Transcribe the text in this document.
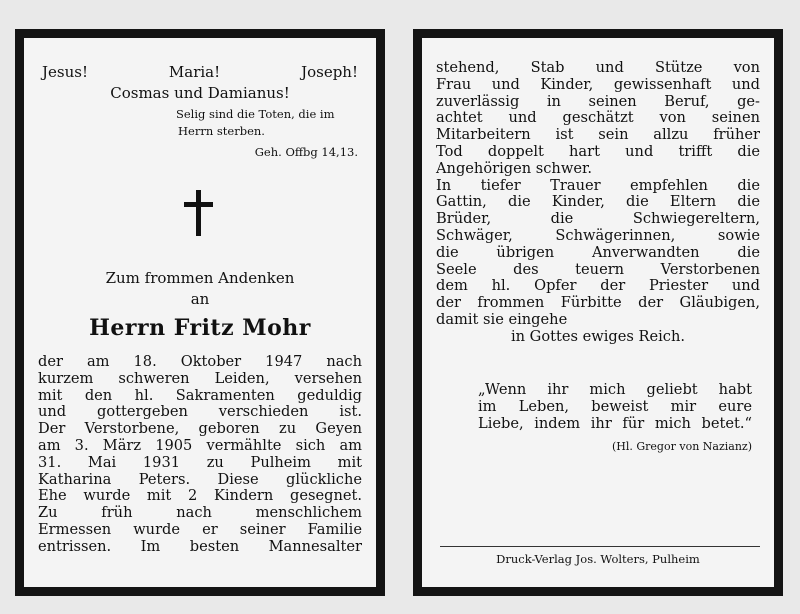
Jesus!	Maria!	Joseph!
Cosmas und Damianus!
Selig sind die Toten, die im
Herrn sterben.
Geh. Offbg 14,13.
Zum frommen Andenken
an
Herrn Fritz Mohr
der am 18. Oktober 1947 nach
kurzem schweren Leiden, versehen
mit den hl. Sakramenten geduldig
und gottergeben verschieden ist.
Der Verstorbene, geboren zu Geyen
am 3. März 1905 vermählte sich am
31. Mai 1931 zu Pulheim mit
Katharina Peters. Diese glückliche
Ehe wurde mit 2 Kindern gesegnet.
Zu früh nach menschlichem
Ermessen wurde er seiner Familie
entrissen. Im besten Mannesalter
stehend, Stab und Stütze von
Frau und Kinder, gewissenhaft und
zuverlässig in seinen Beruf, ge-
achtet und geschätzt von seinen
Mitarbeitern ist sein allzu früher
Tod doppelt hart und trifft die
Angehörigen schwer.
In tiefer Trauer empfehlen die
Gattin, die Kinder, die Eltern die
Brüder, die Schwiegereltern,
Schwäger, Schwägerinnen, sowie
die übrigen Anverwandten die
Seele des teuern Verstorbenen
dem hl. Opfer der Priester und
der frommen Fürbitte der Gläubigen,
damit sie eingehe
in Gottes ewiges Reich.
„Wenn ihr mich geliebt habt
im Leben, beweist mir eure
Liebe, indem ihr für mich betet.“
(Hl. Gregor von Nazianz)
Druck-Verlag Jos. Wolters, Pulheim
